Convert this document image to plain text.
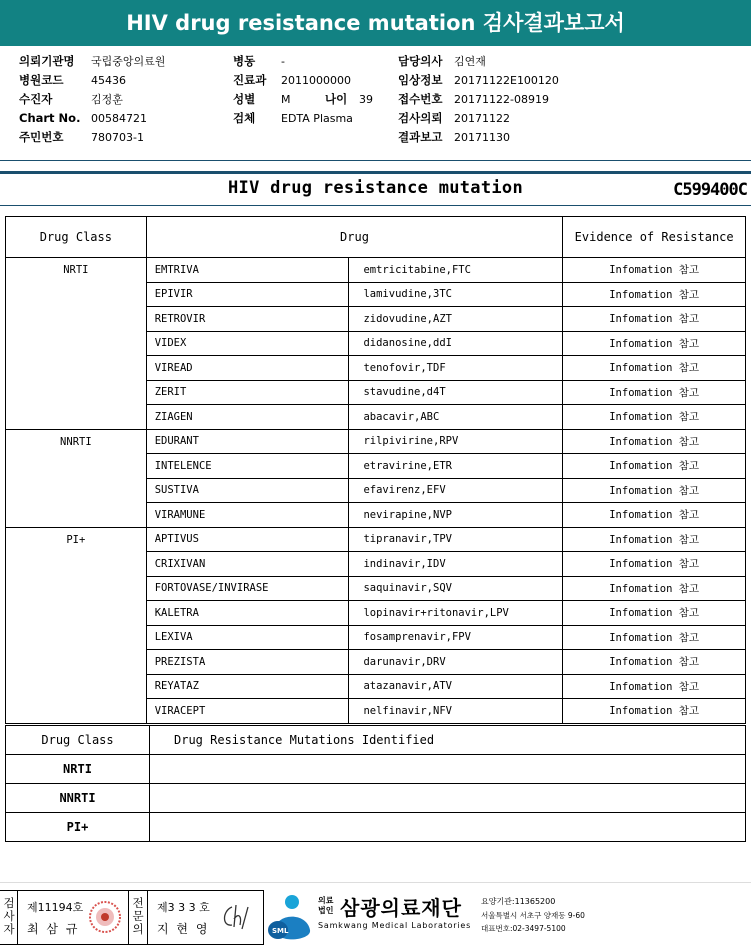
HIV drug resistance mutation 검사결과보고서
의뢰기관명 국립중앙의료원
병원코드	45436
수진자	김정훈
Chart No. 00584721
주민번호	780703-1
병동 -
진료과 2011000000
성별 M	나이 39
검체 EDTA Plasma
담당의사 김연재
임상정보 20171122E100120
접수번호 20171122-08919
검사의뢰 20171122
결과보고 20171130
HIV drug resistance mutation	C599400C
Drug Class	Drug		Evidence of Resistance
NRTI	EMTRIVA	emtricitabine,FTC	Infomation 참고
	EPIVIR	lamivudine,3TC	Infomation 참고
	RETROVIR	zidovudine,AZT	Infomation 참고
	VIDEX	didanosine,ddI	Infomation 참고
	VIREAD	tenofovir,TDF	Infomation 참고
	ZERIT	stavudine,d4T	Infomation 참고
	ZIAGEN	abacavir,ABC	Infomation 참고
NNRTI	EDURANT	rilpivirine,RPV	Infomation 참고
	INTELENCE	etravirine,ETR	Infomation 참고
	SUSTIVA	efavirenz,EFV	Infomation 참고
	VIRAMUNE	nevirapine,NVP	Infomation 참고
PI+	APTIVUS	tipranavir,TPV	Infomation 참고
	CRIXIVAN	indinavir,IDV	Infomation 참고
	FORTOVASE/INVIRASE	saquinavir,SQV	Infomation 참고
	KALETRA	lopinavir+ritonavir,LPV	Infomation 참고
	LEXIVA	fosamprenavir,FPV	Infomation 참고
	PREZISTA	darunavir,DRV	Infomation 참고
	REYATAZ	atazanavir,ATV	Infomation 참고
	VIRACEPT	nelfinavir,NFV	Infomation 참고
Drug Class	Drug Resistance Mutations Identified
NRTI	
NNRTI	
PI+	
검
사
자
제11194호
최 삼 규
전
문
의
제3 3 3 호
지 현 영	SML
의료법인 삼광의료재단
Samkwang Medical Laboratories
요양기관:11365200
서울특별시 서초구 양재동 9-60
대표번호:02-3497-5100
